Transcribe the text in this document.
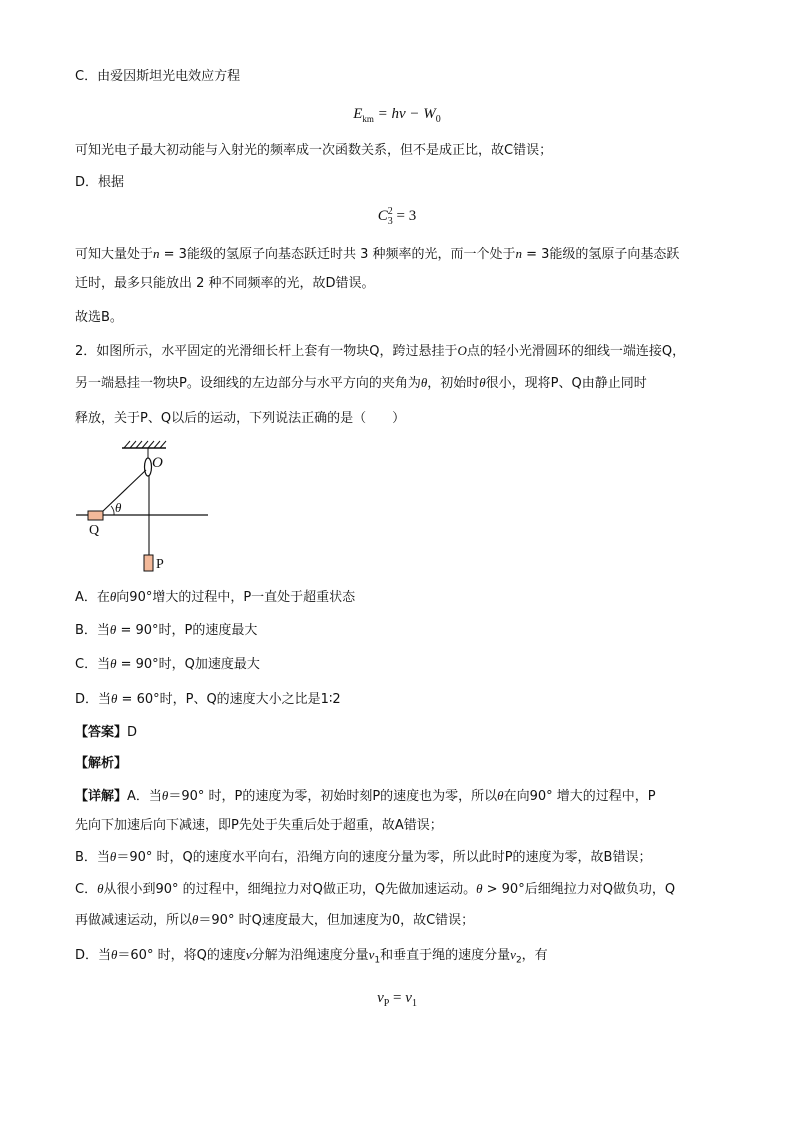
C．由爱因斯坦光电效应方程
$E_{km} = h\nu - W_0$
可知光电子最大初动能与入射光的频率成一次函数关系，但不是成正比，故C错误；
D．根据
C 2
3 = 3
可知大量处于n = 3能级的氢原子向基态跃迁时共 3 种频率的光，而一个处于n = 3能级的氢原子向基态跃
迁时，最多只能放出 2 种不同频率的光，故D错误。
故选B。
2．如图所示，水平固定的光滑细长杆上套有一物块Q，跨过悬挂于O点的轻小光滑圆环的细线一端连接Q，
另一端悬挂一物块P。设细线的左边部分与水平方向的夹角为θ，初始时θ很小，现将P、Q由静止同时
释放，关于P、Q以后的运动，下列说法正确的是（　　）
O
θ
Q
P
A．在θ向90°增大的过程中，P一直处于超重状态
B．当θ = 90°时，P的速度最大
C．当θ = 90°时，Q加速度最大
D．当θ = 60°时，P、Q的速度大小之比是1∶2
【答案】D
【解析】
【详解】A．当θ＝90° 时，P的速度为零，初始时刻P的速度也为零，所以θ在向90° 增大的过程中，P
先向下加速后向下减速，即P先处于失重后处于超重，故A错误；
B．当θ＝90° 时，Q的速度水平向右，沿绳方向的速度分量为零，所以此时P的速度为零，故B错误；
C．θ从很小到90° 的过程中，细绳拉力对Q做正功，Q先做加速运动。θ > 90°后细绳拉力对Q做负功，Q
再做减速运动，所以θ＝90° 时Q速度最大，但加速度为0，故C错误；
D．当θ＝60° 时，将Q的速度v分解为沿绳速度分量$v_1$和垂直于绳的速度分量$v_2$，有
$v_P = v_1$
